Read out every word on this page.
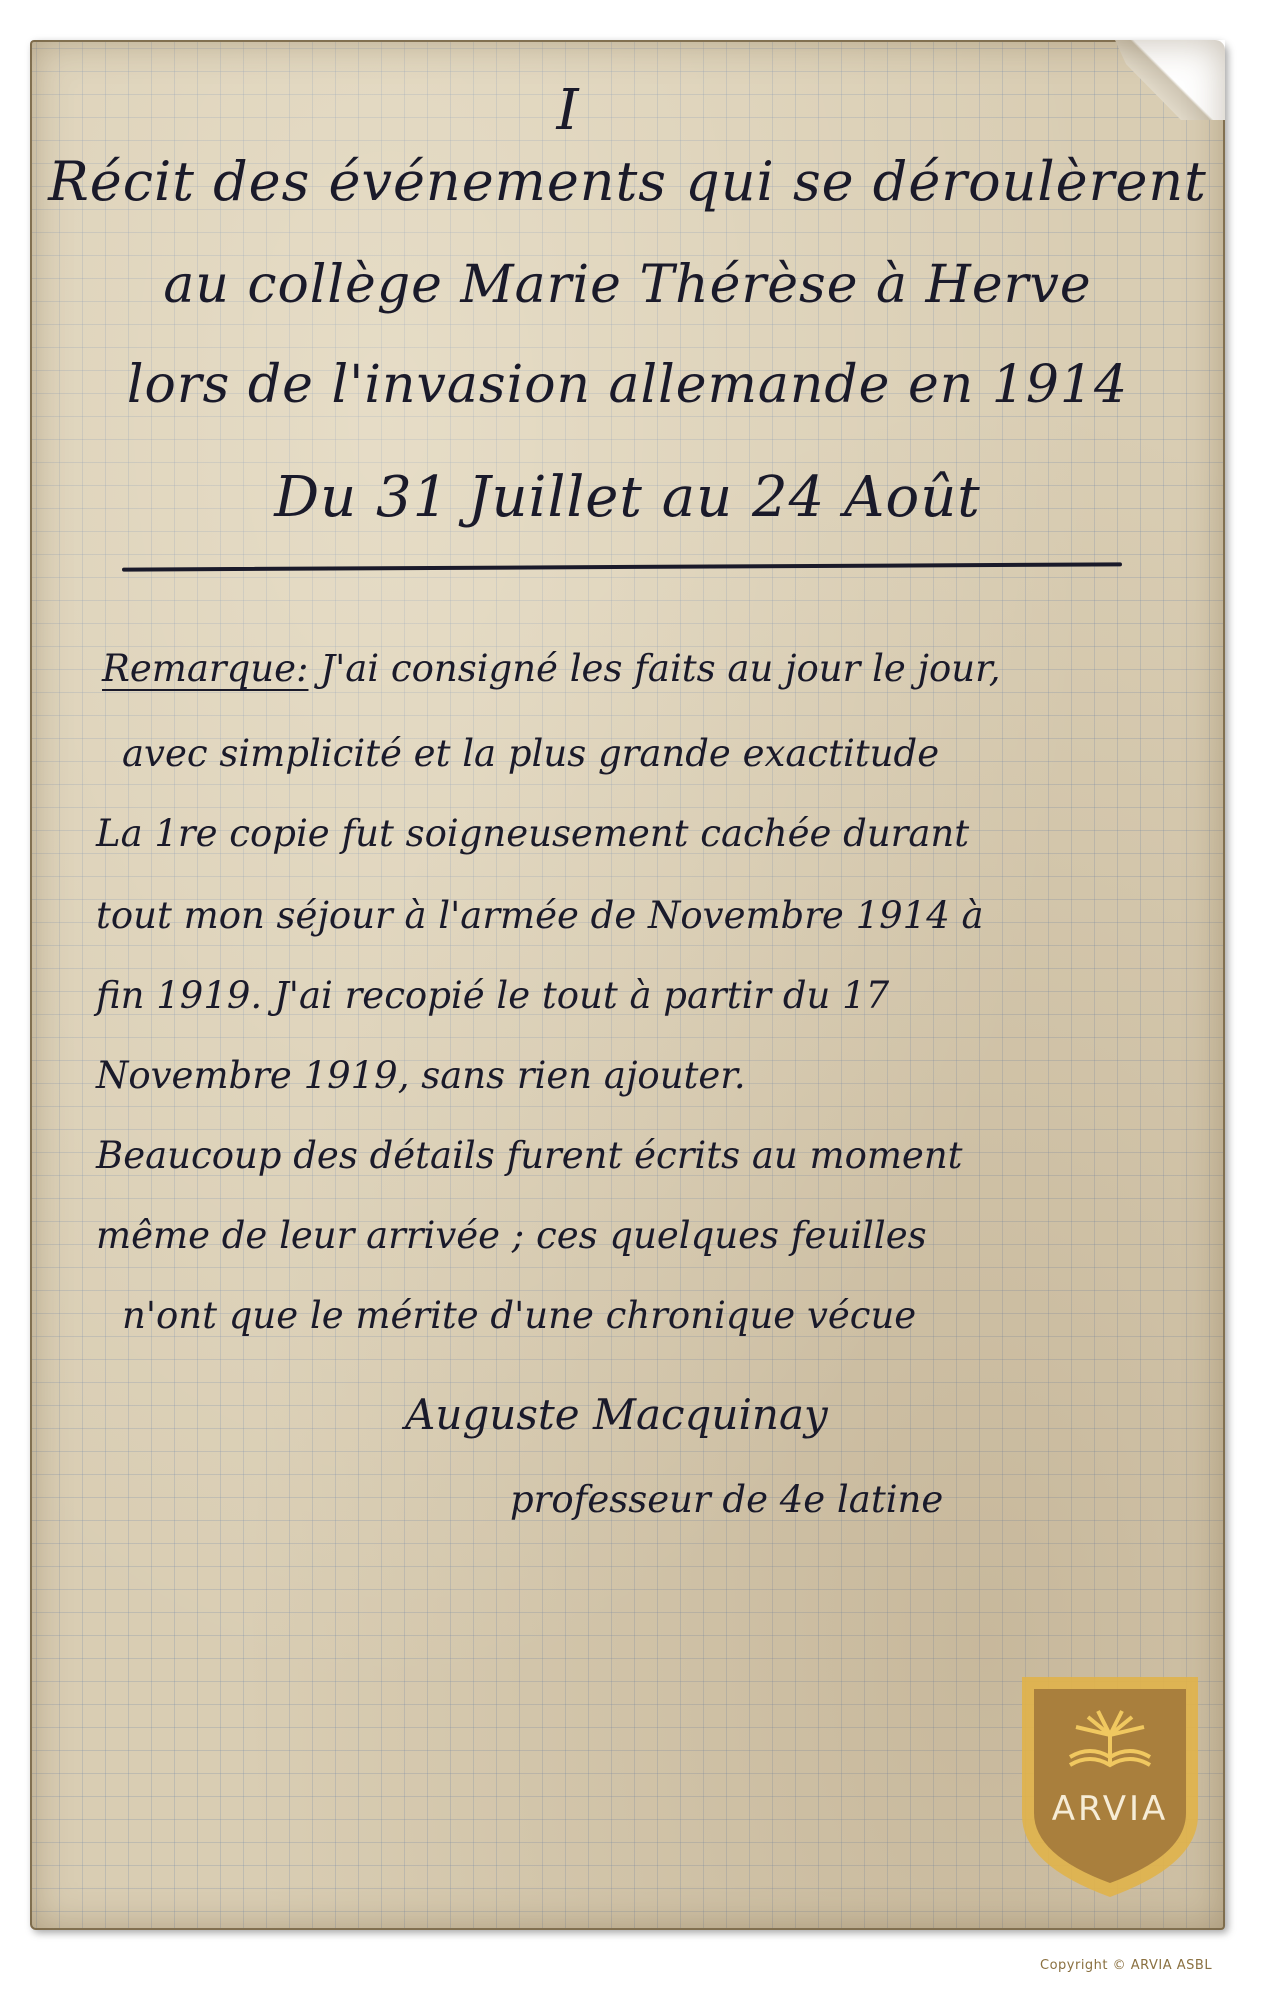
I
Récit des événements qui se déroulèrent
au collège Marie Thérèse à Herve
lors de l'invasion allemande en 1914
Du 31 Juillet au 24 Août
Remarque: J'ai consigné les faits au jour le jour,
avec simplicité et la plus grande exactitude
La 1re copie fut soigneusement cachée durant
tout mon séjour à l'armée de Novembre 1914 à
fin 1919. J'ai recopié le tout à partir du 17
Novembre 1919, sans rien ajouter.
Beaucoup des détails furent écrits au moment
même de leur arrivée ; ces quelques feuilles
n'ont que le mérite d'une chronique vécue
Auguste Macquinay
professeur de 4e latine
ARVIA
Copyright © ARVIA ASBL
